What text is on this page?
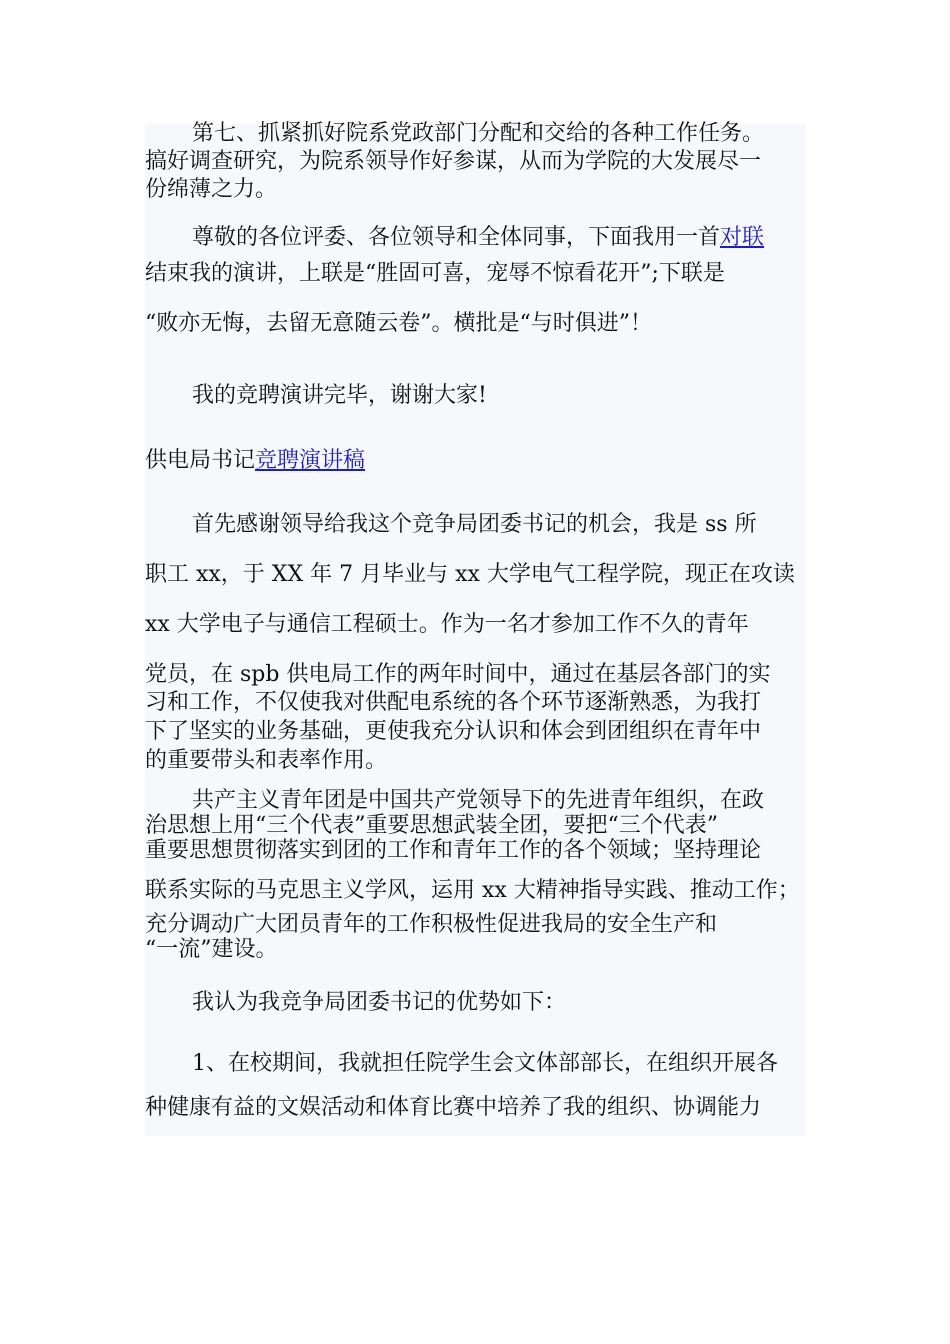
第七、抓紧抓好院系党政部门分配和交给的各种工作任务。
搞好调查研究，为院系领导作好参谋，从而为学院的大发展尽一
份绵薄之力。
尊敬的各位评委、各位领导和全体同事，下面我用一首对联
结束我的演讲，上联是“胜固可喜，宠辱不惊看花开”;下联是
“败亦无悔，去留无意随云卷”。横批是“与时俱进”！
我的竞聘演讲完毕，谢谢大家!
供电局书记竞聘演讲稿
首先感谢领导给我这个竞争局团委书记的机会，我是 ss 所
职工 xx，于 XX 年 7 月毕业与 xx 大学电气工程学院，现正在攻读
xx 大学电子与通信工程硕士。作为一名才参加工作不久的青年
党员，在 spb 供电局工作的两年时间中，通过在基层各部门的实
习和工作，不仅使我对供配电系统的各个环节逐渐熟悉，为我打
下了坚实的业务基础，更使我充分认识和体会到团组织在青年中
的重要带头和表率作用。
共产主义青年团是中国共产党领导下的先进青年组织，在政
治思想上用“三个代表”重要思想武装全团，要把“三个代表”
重要思想贯彻落实到团的工作和青年工作的各个领域；坚持理论
联系实际的马克思主义学风，运用 xx 大精神指导实践、推动工作；
充分调动广大团员青年的工作积极性促进我局的安全生产和
“一流”建设。
我认为我竞争局团委书记的优势如下：
1、在校期间，我就担任院学生会文体部部长，在组织开展各
种健康有益的文娱活动和体育比赛中培养了我的组织、协调能力
